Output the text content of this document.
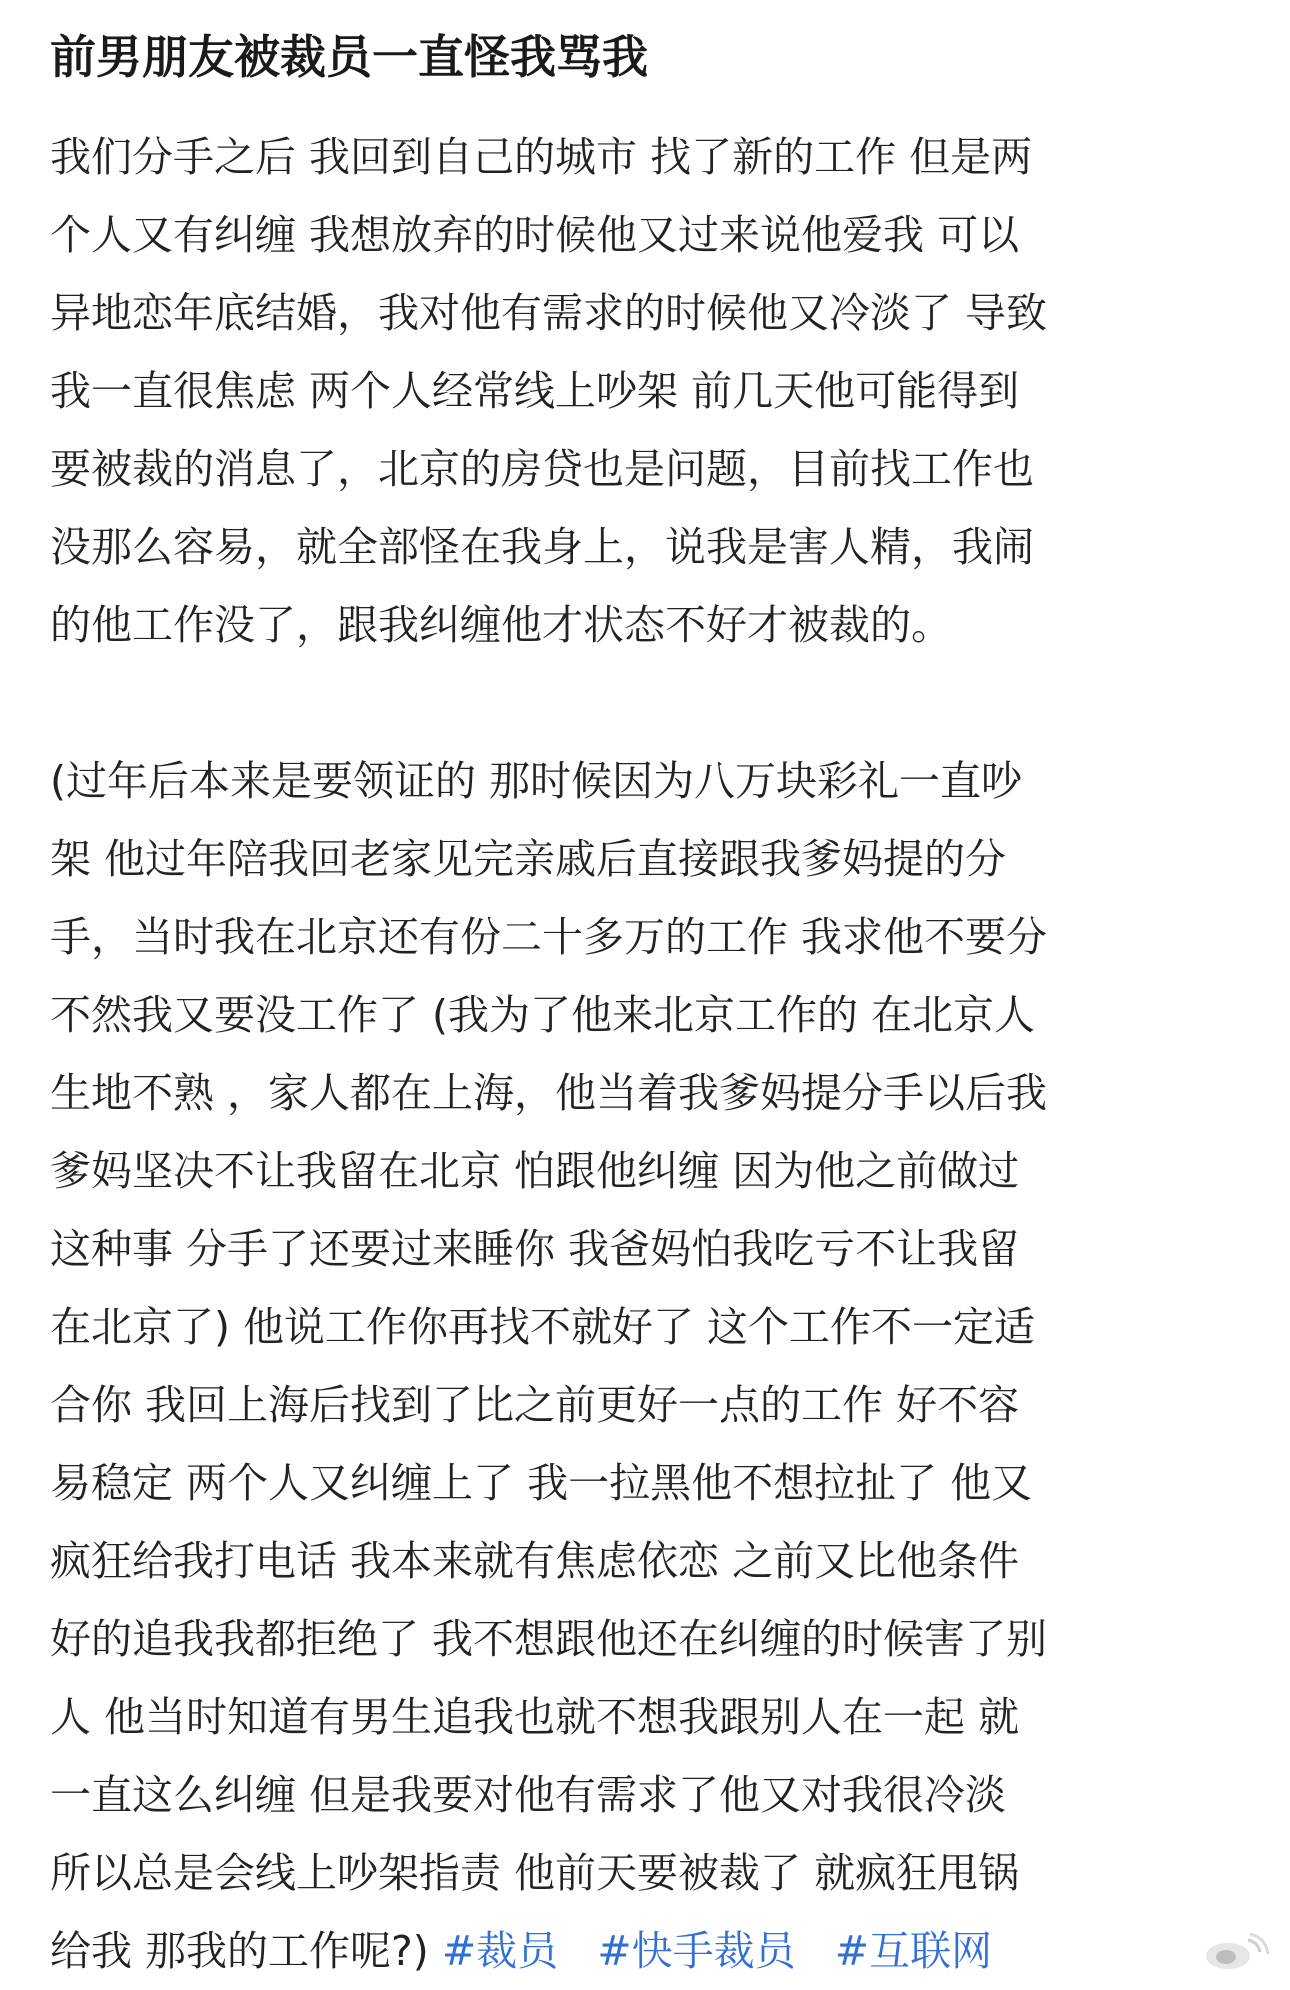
前男朋友被裁员一直怪我骂我
我们分手之后 我回到自己的城市 找了新的工作 但是两
个人又有纠缠 我想放弃的时候他又过来说他爱我 可以
异地恋年底结婚，我对他有需求的时候他又冷淡了 导致
我一直很焦虑 两个人经常线上吵架 前几天他可能得到
要被裁的消息了，北京的房贷也是问题，目前找工作也
没那么容易，就全部怪在我身上，说我是害人精，我闹
的他工作没了，跟我纠缠他才状态不好才被裁的。
(过年后本来是要领证的 那时候因为八万块彩礼一直吵
架 他过年陪我回老家见完亲戚后直接跟我爹妈提的分
手，当时我在北京还有份二十多万的工作 我求他不要分
不然我又要没工作了 (我为了他来北京工作的 在北京人
生地不熟 ，家人都在上海，他当着我爹妈提分手以后我
爹妈坚决不让我留在北京 怕跟他纠缠 因为他之前做过
这种事 分手了还要过来睡你 我爸妈怕我吃亏不让我留
在北京了) 他说工作你再找不就好了 这个工作不一定适
合你 我回上海后找到了比之前更好一点的工作 好不容
易稳定 两个人又纠缠上了 我一拉黑他不想拉扯了 他又
疯狂给我打电话 我本来就有焦虑依恋 之前又比他条件
好的追我我都拒绝了 我不想跟他还在纠缠的时候害了别
人 他当时知道有男生追我也就不想我跟别人在一起 就
一直这么纠缠 但是我要对他有需求了他又对我很冷淡
所以总是会线上吵架指责 他前天要被裁了 就疯狂甩锅
给我 那我的工作呢?) #裁员 #快手裁员 #互联网
